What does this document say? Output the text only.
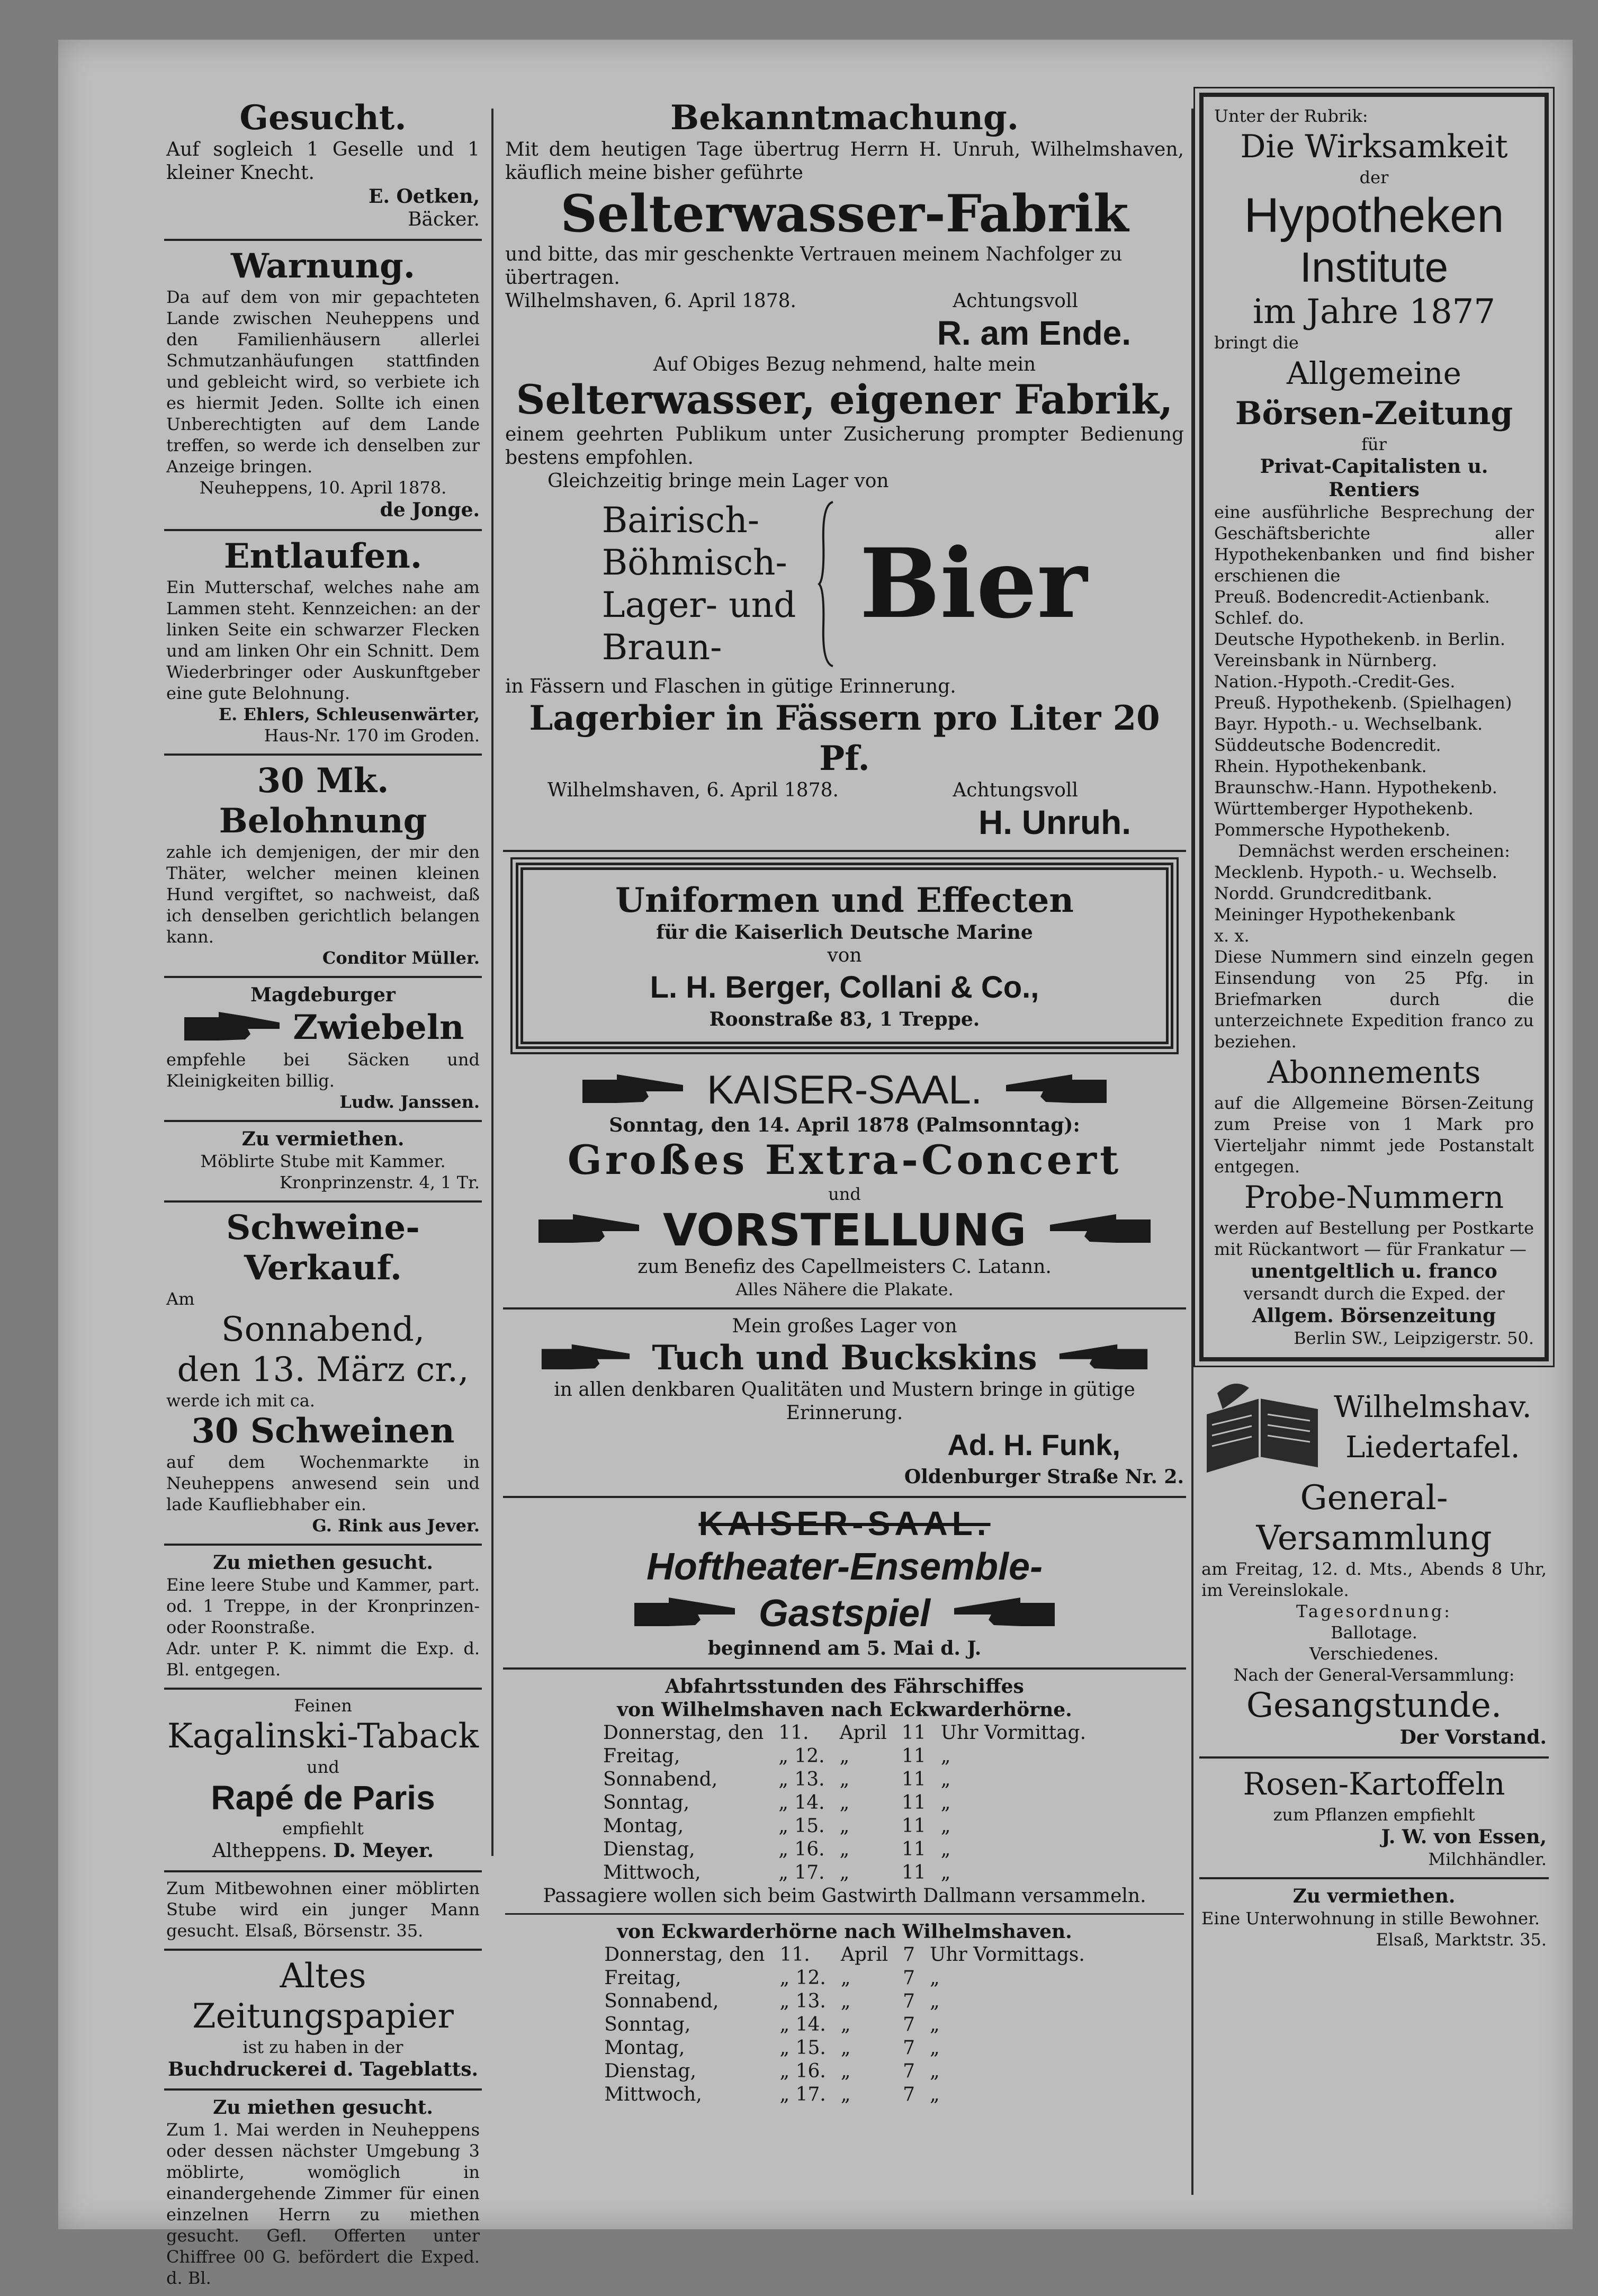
Gesucht.
Auf sogleich 1 Geselle und 1 kleiner Knecht.
E. Oetken,
Bäcker.
Warnung.
Da auf dem von mir gepachteten Lande zwischen Neuheppens und den Familienhäusern allerlei Schmutzanhäufungen stattfinden und gebleicht wird, so verbiete ich es hiermit Jeden. Sollte ich einen Unberechtigten auf dem Lande treffen, so werde ich denselben zur Anzeige bringen.
Neuheppens, 10. April 1878.
de Jonge.
Entlaufen.
Ein Mutterschaf, welches nahe am Lammen steht. Kennzeichen: an der linken Seite ein schwarzer Flecken und am linken Ohr ein Schnitt. Dem Wiederbringer oder Auskunftgeber eine gute Belohnung.
E. Ehlers, Schleusenwärter,
Haus-Nr. 170 im Groden.
30 Mk. Belohnung
zahle ich demjenigen, der mir den Thäter, welcher meinen kleinen Hund vergiftet, so nachweist, daß ich denselben gerichtlich belangen kann.
Conditor Müller.
Magdeburger
Zwiebeln
empfehle bei Säcken und Kleinigkeiten billig.
Ludw. Janssen.
Zu vermiethen.
Möblirte Stube mit Kammer.
Kronprinzenstr. 4, 1 Tr.
Schweine-Verkauf.
Am
Sonnabend,
den 13. März cr.,
werde ich mit ca.
30 Schweinen
auf dem Wochenmarkte in Neuheppens anwesend sein und lade Kaufliebhaber ein.
G. Rink aus Jever.
Zu miethen gesucht.
Eine leere Stube und Kammer, part. od. 1 Treppe, in der Kronprinzen- oder Roonstraße.
Adr. unter P. K. nimmt die Exp. d. Bl. entgegen.
Feinen
Kagalinski-Taback
und
Rapé de Paris
empfiehlt
Altheppens. D. Meyer.
Zum Mitbewohnen einer möblirten Stube wird ein junger Mann gesucht. Elsaß, Börsenstr. 35.
Altes
Zeitungspapier
ist zu haben in der
Buchdruckerei d. Tageblatts.
Zu miethen gesucht.
Zum 1. Mai werden in Neuheppens oder dessen nächster Umgebung 3 möblirte, womöglich in einandergehende Zimmer für einen einzelnen Herrn zu miethen gesucht. Gefl. Offerten unter Chiffree 00 G. befördert die Exped. d. Bl.
Bekanntmachung.
Mit dem heutigen Tage übertrug Herrn H. Unruh, Wilhelmshaven, käuflich meine bisher geführte
Selterwasser-Fabrik
und bitte, das mir geschenkte Vertrauen meinem Nachfolger zu übertragen.
Wilhelmshaven, 6. April 1878.	Achtungsvoll
R. am Ende.
Auf Obiges Bezug nehmend, halte mein
Selterwasser, eigener Fabrik,
einem geehrten Publikum unter Zusicherung prompter Bedienung bestens empfohlen.
Gleichzeitig bringe mein Lager von
Bairisch-
Böhmisch-
Lager- und
Braun-
Bier
in Fässern und Flaschen in gütige Erinnerung.
Lagerbier in Fässern pro Liter 20 Pf.
Wilhelmshaven, 6. April 1878.	Achtungsvoll
H. Unruh.
Uniformen und Effecten
für die Kaiserlich Deutsche Marine
von
L. H. Berger, Collani & Co.,
Roonstraße 83, 1 Treppe.
KAISER-SAAL.
Sonntag, den 14. April 1878 (Palmsonntag):
Großes Extra-Concert
und
VORSTELLUNG
zum Benefiz des Capellmeisters C. Latann.
Alles Nähere die Plakate.
Mein großes Lager von
Tuch und Buckskins
in allen denkbaren Qualitäten und Mustern bringe in gütige Erinnerung.
Ad. H. Funk,
Oldenburger Straße Nr. 2.
KAISER-SAAL.
Hoftheater-Ensemble-
Gastspiel
beginnend am 5. Mai d. J.
Abfahrtsstunden des Fährschiffes
von Wilhelmshaven nach Eckwarderhörne.
Donnerstag, den	11.	April	11	Uhr Vormittag.
Freitag,	„ 12.	„	11	„
Sonnabend,	„ 13.	„	11	„
Sonntag,	„ 14.	„	11	„
Montag,	„ 15.	„	11	„
Dienstag,	„ 16.	„	11	„
Mittwoch,	„ 17.	„	11	„
Passagiere wollen sich beim Gastwirth Dallmann versammeln.
von Eckwarderhörne nach Wilhelmshaven.
Donnerstag, den	11.	April	7	Uhr Vormittags.
Freitag,	„ 12.	„	7	„
Sonnabend,	„ 13.	„	7	„
Sonntag,	„ 14.	„	7	„
Montag,	„ 15.	„	7	„
Dienstag,	„ 16.	„	7	„
Mittwoch,	„ 17.	„	7	„
Unter der Rubrik:
Die Wirksamkeit
der
Hypotheken
Institute
im Jahre 1877
bringt die
Allgemeine
Börsen-Zeitung
für
Privat-Capitalisten u. Rentiers
eine ausführliche Besprechung der Geschäftsberichte aller Hypothekenbanken und find bisher erschienen die
Preuß. Bodencredit-Actienbank.
Schlef. do.
Deutsche Hypothekenb. in Berlin.
Vereinsbank in Nürnberg.
Nation.-Hypoth.-Credit-Ges.
Preuß. Hypothekenb. (Spielhagen)
Bayr. Hypoth.- u. Wechselbank.
Süddeutsche Bodencredit.
Rhein. Hypothekenbank.
Braunschw.-Hann. Hypothekenb.
Württemberger Hypothekenb.
Pommersche Hypothekenb.
Demnächst werden erscheinen:
Mecklenb. Hypoth.- u. Wechselb.
Nordd. Grundcreditbank.
Meininger Hypothekenbank
x. x.
Diese Nummern sind einzeln gegen Einsendung von 25 Pfg. in Briefmarken durch die unterzeichnete Expedition franco zu beziehen.
Abonnements
auf die Allgemeine Börsen-Zeitung zum Preise von 1 Mark pro Vierteljahr nimmt jede Postanstalt entgegen.
Probe-Nummern
werden auf Bestellung per Postkarte mit Rückantwort — für Frankatur —
unentgeltlich u. franco
versandt durch die Exped. der
Allgem. Börsenzeitung
Berlin SW., Leipzigerstr. 50.
Wilhelmshav.
Liedertafel.
General-
Versammlung
am Freitag, 12. d. Mts., Abends 8 Uhr, im Vereinslokale.
Tagesordnung:
Ballotage.
Verschiedenes.
Nach der General-Versammlung:
Gesangstunde.
Der Vorstand.
Rosen-Kartoffeln
zum Pflanzen empfiehlt
J. W. von Essen,
Milchhändler.
Zu vermiethen.
Eine Unterwohnung in stille Bewohner.
Elsaß, Marktstr. 35.
